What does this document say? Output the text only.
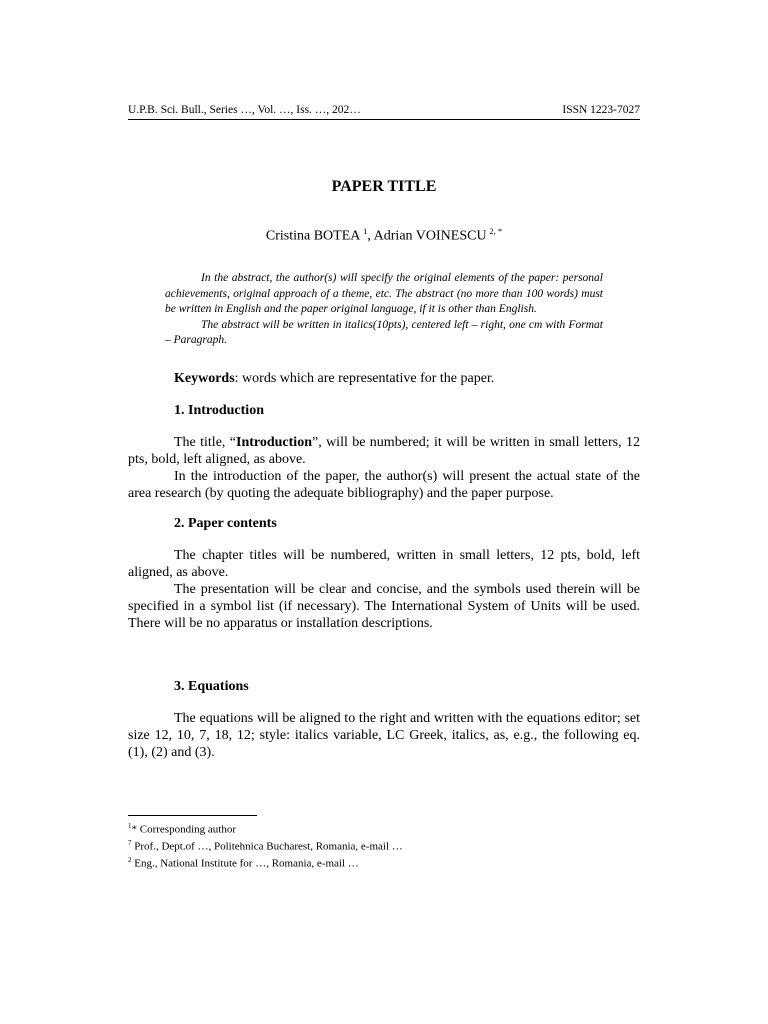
U.P.B. Sci. Bull., Series …, Vol. …, Iss. …, 202…	ISSN 1223-7027
PAPER TITLE
Cristina BOTEA  $^1$, Adrian VOINESCU  $^{2, *}$

In the abstract, the author(s) will specify the original elements of the paper: personal achievements, original approach of a theme, etc. The abstract (no more than 100 words) must be written in English and the paper original language, if it is other than English.

The abstract will be written in italics(10pts), centered left – right, one cm with Format – Paragraph.

Keywords: words which are representative for the paper.
1. Introduction

The title, “Introduction”, will be numbered; it will be written in small letters, 12 pts, bold, left aligned, as above.

In the introduction of the paper, the author(s) will present the actual state of the area research (by quoting the adequate bibliography) and the paper purpose.

2. Paper contents

The chapter titles will be numbered, written in small letters, 12 pts, bold, left aligned, as above.

The presentation will be clear and concise, and the symbols used therein will be specified in a symbol list (if necessary). The International System of Units will be used. There will be no apparatus or installation descriptions.

3. Equations

The equations will be aligned to the right and written with the equations editor; set size 12, 10, 7, 18, 12; style: italics variable, LC Greek, italics, as, e.g., the following eq. (1), (2) and (3).

$^1$* Corresponding author
$^7$ Prof., Dept.of …, Politehnica Bucharest, Romania, e-mail …
$^2$ Eng., National Institute for …, Romania, e-mail …
